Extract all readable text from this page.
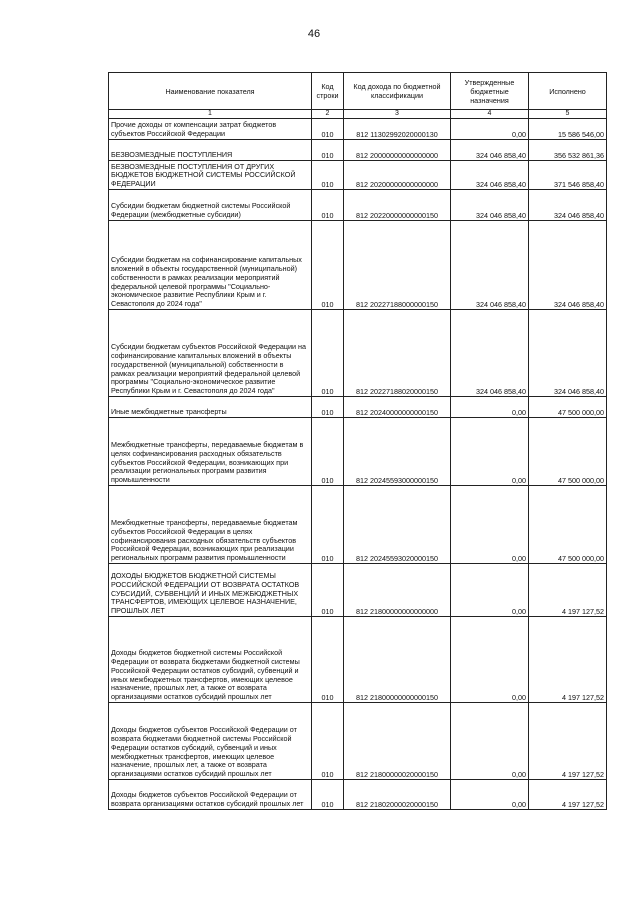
46
Наименование показателя	Код строки	Код дохода по бюджетной классификации	Утвержденные бюджетные назначения	Исполнено
1	2	3	4	5
Прочие доходы от компенсации затрат бюджетов субъектов Российской Федерации	010	812 11302992020000130	0,00	15 586 546,00
БЕЗВОЗМЕЗДНЫЕ ПОСТУПЛЕНИЯ	010	812 20000000000000000	324 046 858,40	356 532 861,36
БЕЗВОЗМЕЗДНЫЕ ПОСТУПЛЕНИЯ ОТ ДРУГИХ БЮДЖЕТОВ БЮДЖЕТНОЙ СИСТЕМЫ РОССИЙСКОЙ ФЕДЕРАЦИИ	010	812 20200000000000000	324 046 858,40	371 546 858,40
Субсидии бюджетам бюджетной системы Российской Федерации (межбюджетные субсидии)	010	812 20220000000000150	324 046 858,40	324 046 858,40
Субсидии бюджетам на софинансирование капитальных вложений в объекты государственной (муниципальной) собственности в рамках реализации мероприятий федеральной целевой программы "Социально-экономическое развитие Республики Крым и г. Севастополя до 2024 года"	010	812 20227188000000150	324 046 858,40	324 046 858,40
Субсидии бюджетам субъектов Российской Федерации на софинансирование капитальных вложений в объекты государственной (муниципальной) собственности в рамках реализации мероприятий федеральной целевой программы "Социально-экономическое развитие Республики Крым и г. Севастополя до 2024 года"	010	812 20227188020000150	324 046 858,40	324 046 858,40
Иные межбюджетные трансферты	010	812 20240000000000150	0,00	47 500 000,00
Межбюджетные трансферты, передаваемые бюджетам в целях софинансирования расходных обязательств субъектов Российской Федерации, возникающих при реализации региональных программ развития промышленности	010	812 20245593000000150	0,00	47 500 000,00
Межбюджетные трансферты, передаваемые бюджетам субъектов Российской Федерации в целях софинансирования расходных обязательств субъектов Российской Федерации, возникающих при реализации региональных программ развития промышленности	010	812 20245593020000150	0,00	47 500 000,00
ДОХОДЫ БЮДЖЕТОВ БЮДЖЕТНОЙ СИСТЕМЫ РОССИЙСКОЙ ФЕДЕРАЦИИ ОТ ВОЗВРАТА ОСТАТКОВ СУБСИДИЙ, СУБВЕНЦИЙ И ИНЫХ МЕЖБЮДЖЕТНЫХ ТРАНСФЕРТОВ, ИМЕЮЩИХ ЦЕЛЕВОЕ НАЗНАЧЕНИЕ, ПРОШЛЫХ ЛЕТ	010	812 21800000000000000	0,00	4 197 127,52
Доходы бюджетов бюджетной системы Российской Федерации от возврата бюджетами бюджетной системы Российской Федерации остатков субсидий, субвенций и иных межбюджетных трансфертов, имеющих целевое назначение, прошлых лет, а также от возврата организациями остатков субсидий прошлых лет	010	812 21800000000000150	0,00	4 197 127,52
Доходы бюджетов субъектов Российской Федерации от возврата бюджетами бюджетной системы Российской Федерации остатков субсидий, субвенций и иных межбюджетных трансфертов, имеющих целевое назначение, прошлых лет, а также от возврата организациями остатков субсидий прошлых лет	010	812 21800000020000150	0,00	4 197 127,52
Доходы бюджетов субъектов Российской Федерации от возврата организациями остатков субсидий прошлых лет	010	812 21802000020000150	0,00	4 197 127,52
